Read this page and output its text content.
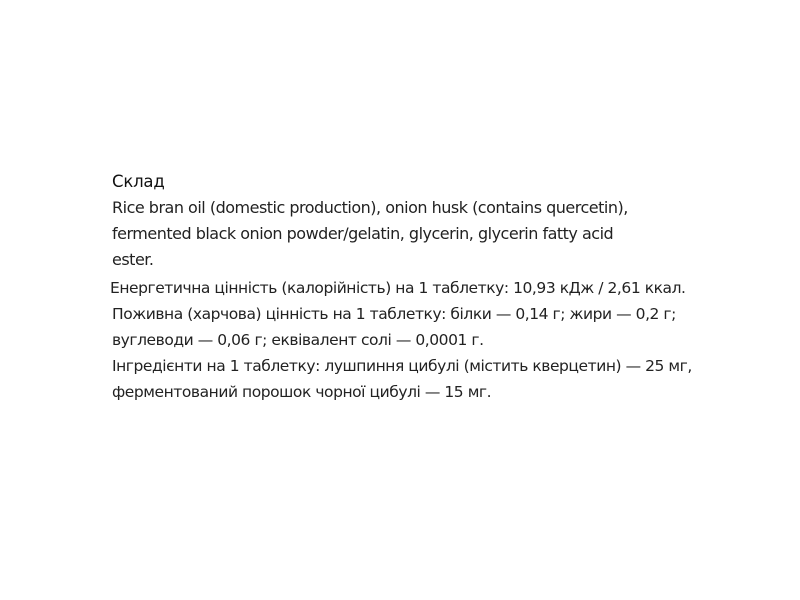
Склад

Rice bran oil (domestic production), onion husk (contains quercetin), fermented black onion powder/gelatin, glycerin, glycerin fatty acid ester.

Енергетична цінність (калорійність) на 1 таблетку: 10,93 кДж / 2,61 ккал.

Поживна (харчова) цінність на 1 таблетку: білки — 0,14 г; жири — 0,2 г; вуглеводи — 0,06 г; еквівалент солі — 0,0001 г.

Інгредієнти на 1 таблетку: лушпиння цибулі (містить кверцетин) — 25 мг, ферментований порошок чорної цибулі — 15 мг.
